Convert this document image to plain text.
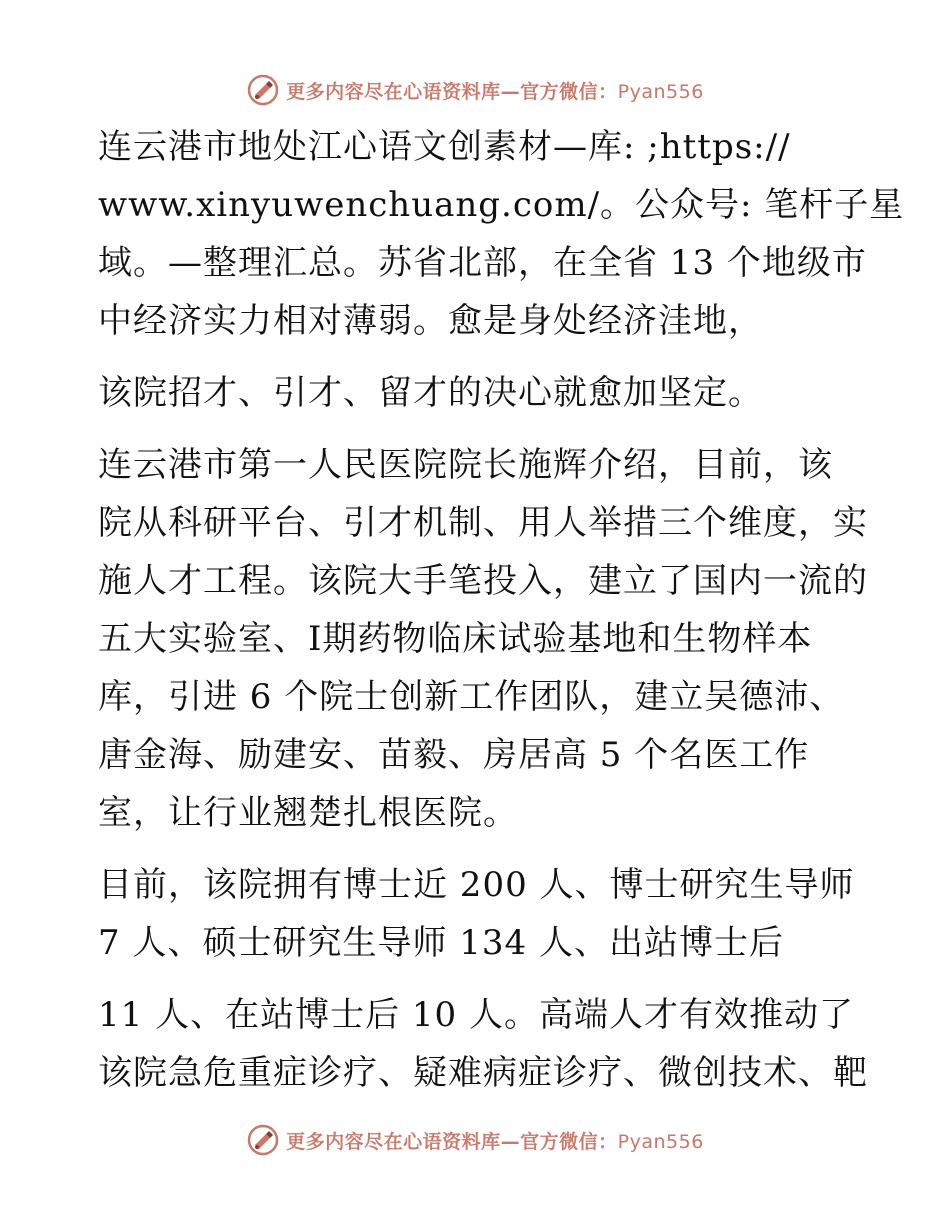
更多内容尽在心语资料库—官方微信：Pyan556
连云港市地处江心语文创素材—库: ;https://
www.xinyuwenchuang.com/。公众号: 笔杆子星
域。—整理汇总。苏省北部，在全省 13 个地级市
中经济实力相对薄弱。愈是身处经济洼地，
该院招才、引才、留才的决心就愈加坚定。
连云港市第一人民医院院长施辉介绍，目前，该
院从科研平台、引才机制、用人举措三个维度，实
施人才工程。该院大手笔投入，建立了国内一流的
五大实验室、Ⅰ期药物临床试验基地和生物样本
库，引进 6 个院士创新工作团队，建立吴德沛、
唐金海、励建安、苗毅、房居高 5 个名医工作
室，让行业翘楚扎根医院。
目前，该院拥有博士近 200 人、博士研究生导师
7 人、硕士研究生导师 134 人、出站博士后
11 人、在站博士后 10 人。高端人才有效推动了
该院急危重症诊疗、疑难病症诊疗、微创技术、靶
更多内容尽在心语资料库—官方微信：Pyan556
